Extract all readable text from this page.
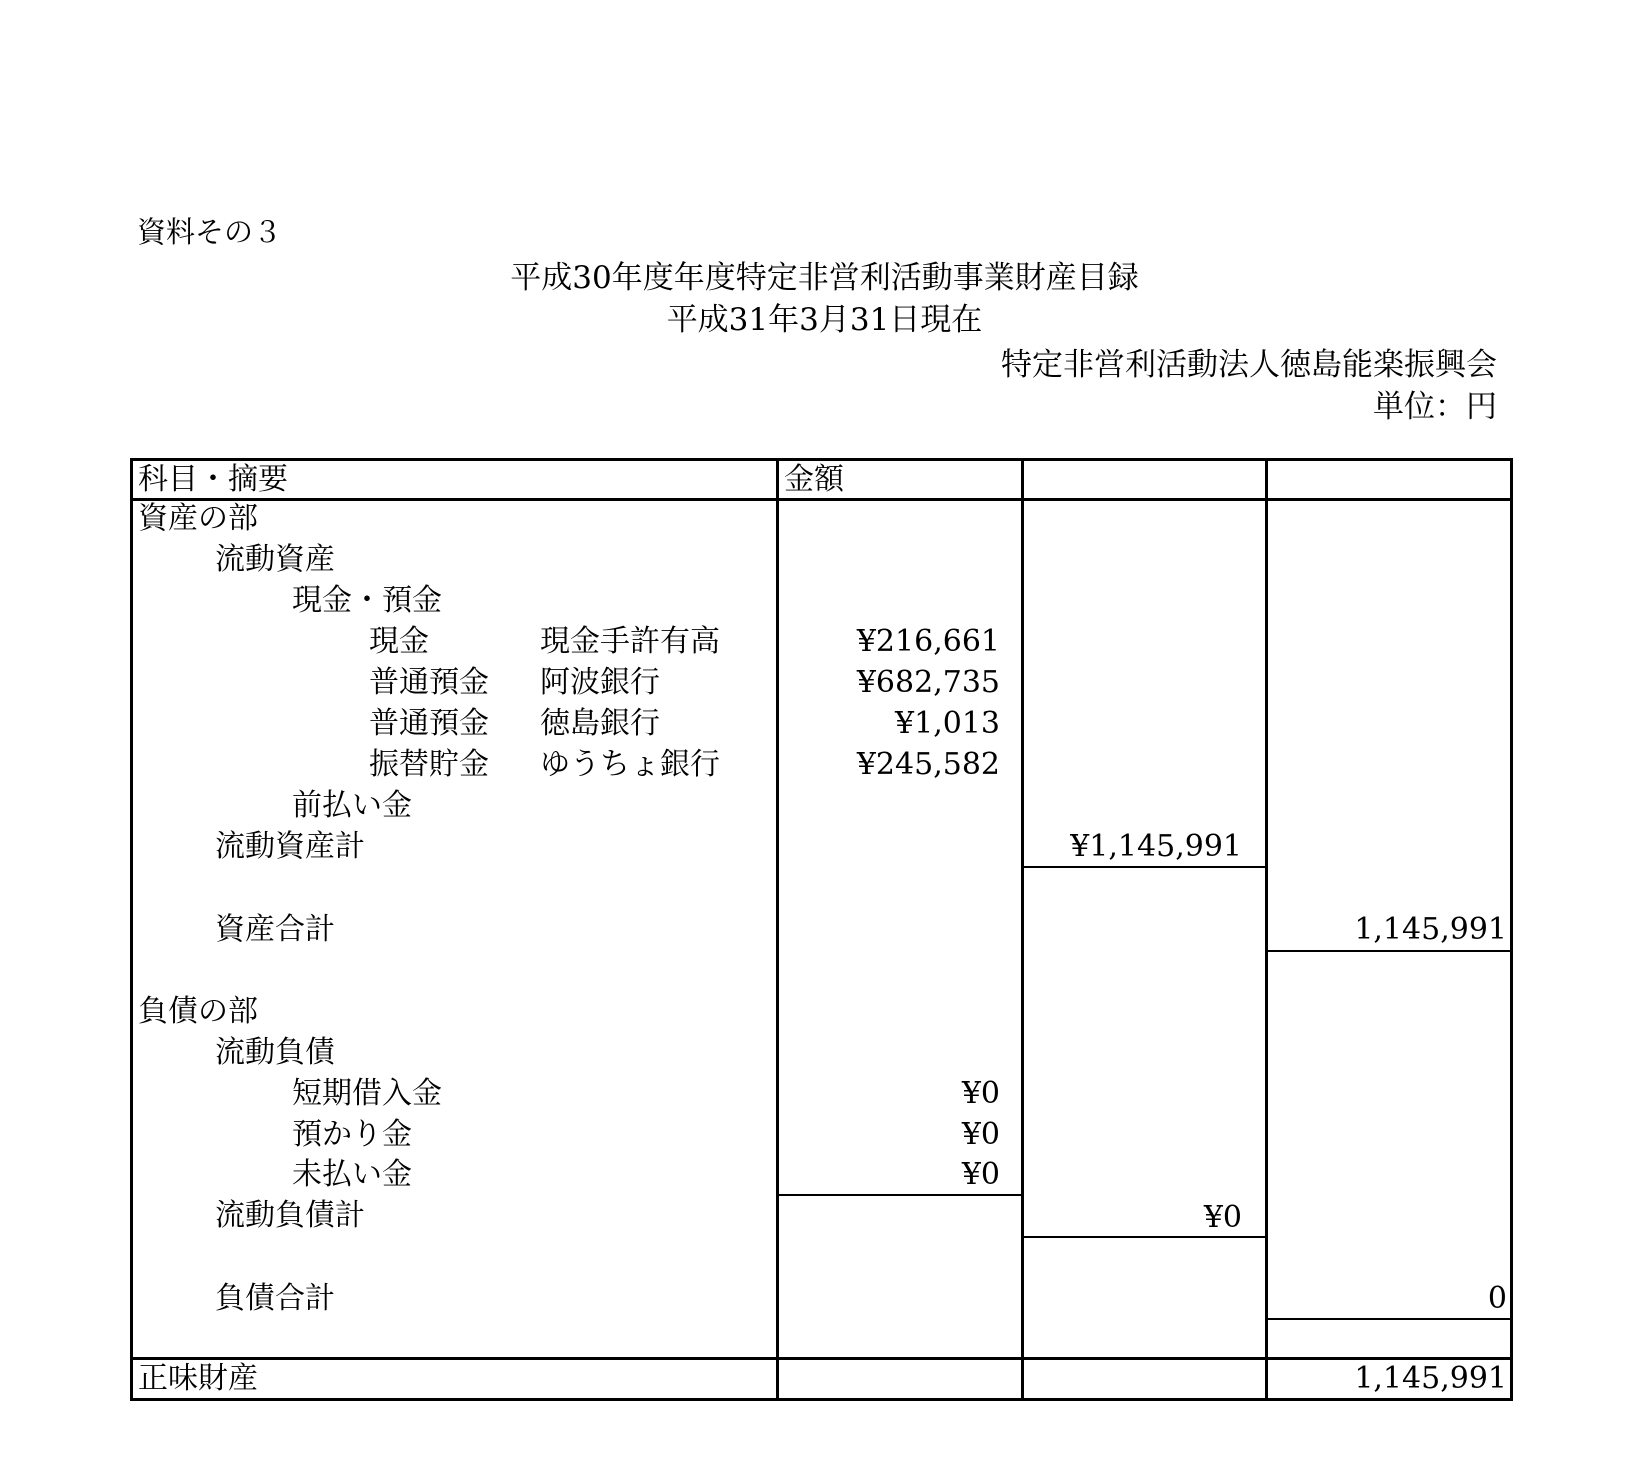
資料その３
平成30年度年度特定非営利活動事業財産目録
平成31年3月31日現在
特定非営利活動法人徳島能楽振興会
単位：円
科目・摘要	金額
資産の部
流動資産
現金・預金
現金	現金手許有高	¥216,661
普通預金 阿波銀行	¥682,735
普通預金 徳島銀行	¥1,013
振替貯金 ゆうちょ銀行	¥245,582
前払い金
流動資産計	¥1,145,991
資産合計	1,145,991
負債の部
流動負債
短期借入金	¥0
預かり金	¥0
未払い金	¥0
流動負債計	¥0
負債合計	0
正味財産	1,145,991
